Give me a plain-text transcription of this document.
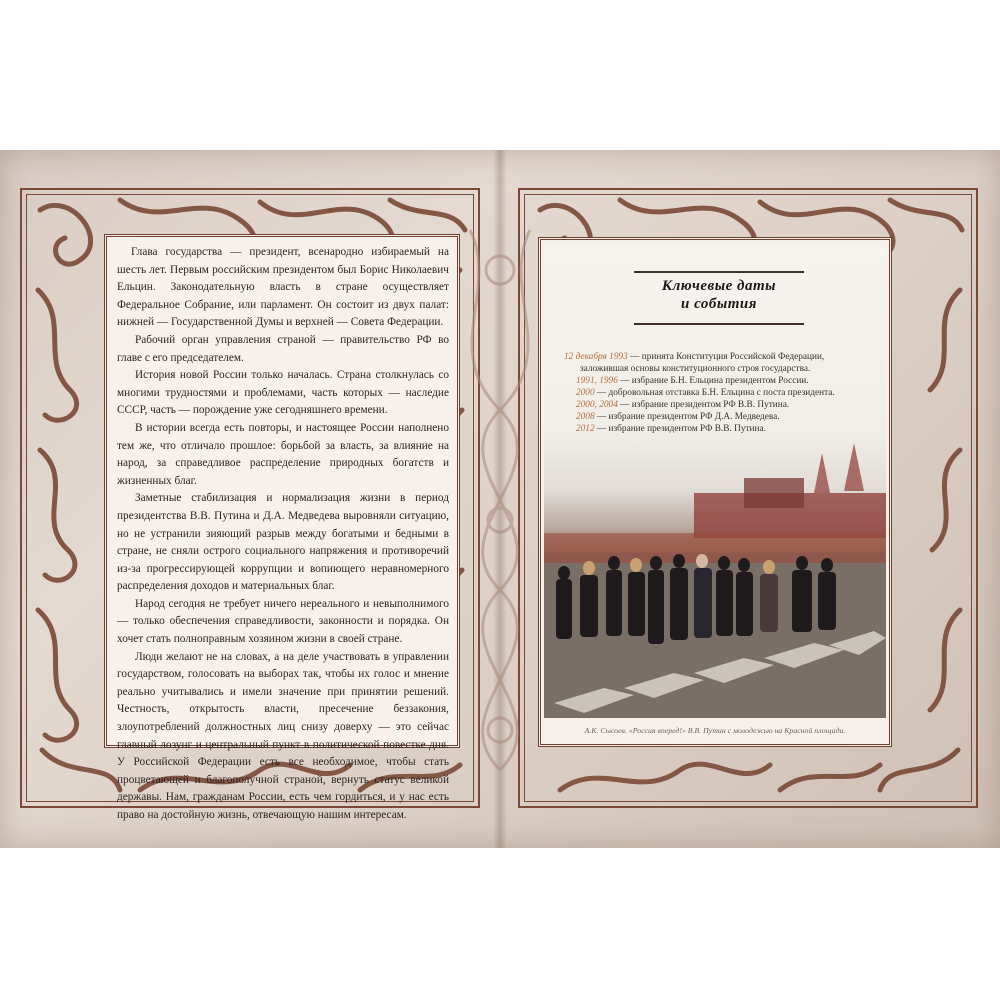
Глава государства — президент, всенародно избираемый на шесть лет. Первым российским президентом был Борис Николаевич Ельцин. Законодательную власть в стране осуществляет Федеральное Собрание, или парламент. Он состоит из двух палат: нижней — Государственной Думы и верхней — Совета Федерации.

Рабочий орган управления страной — правительство РФ во главе с его председателем.

История новой России только началась. Страна столкнулась со многими трудностями и проблемами, часть которых — наследие СССР, часть — порождение уже сегодняшнего времени.

В истории всегда есть повторы, и настоящее России наполнено тем же, что отличало прошлое: борьбой за власть, за влияние на народ, за справедливое распределение природных богатств и жизненных благ.

Заметные стабилизация и нормализация жизни в период президентства В.В. Путина и Д.А. Медведева выровняли ситуацию, но не устранили зияющий разрыв между богатыми и бедными в стране, не сняли острого социального напряжения и противоречий из-за прогрессирующей коррупции и вопиющего неравномерного распределения доходов и материальных благ.

Народ сегодня не требует ничего нереального и невыполнимого — только обеспечения справедливости, законности и порядка. Он хочет стать полноправным хозяином жизни в своей стране.

Люди желают не на словах, а на деле участвовать в управлении государством, голосовать на выборах так, чтобы их голос и мнение реально учитывались и имели значение при принятии решений. Честность, открытость власти, пресечение беззакония, злоупотреблений должностных лиц снизу доверху — это сейчас главный лозунг и центральный пункт в политической повестке дня. У Российской Федерации есть все необходимое, чтобы стать процветающей и благополучной страной, вернуть статус великой державы. Нам, гражданам России, есть чем гордиться, и у нас есть право на достойную жизнь, отвечающую нашим интересам.

Ключевые даты
и события
12 декабря 1993 — принята Конституция Российской Федерации,
заложившая основы конституционного строя государства.
1991, 1996 — избрание Б.Н. Ельцина президентом России.
2000 — добровольная отставка Б.Н. Ельцина с поста президента.
2000, 2004 — избрание президентом РФ В.В. Путина.
2008 — избрание президентом РФ Д.А. Медведева.
2012 — избрание президентом РФ В.В. Путина.
А.К. Сысоев. «Россия вперед!» В.В. Путин с молодежью на Красной площади.
